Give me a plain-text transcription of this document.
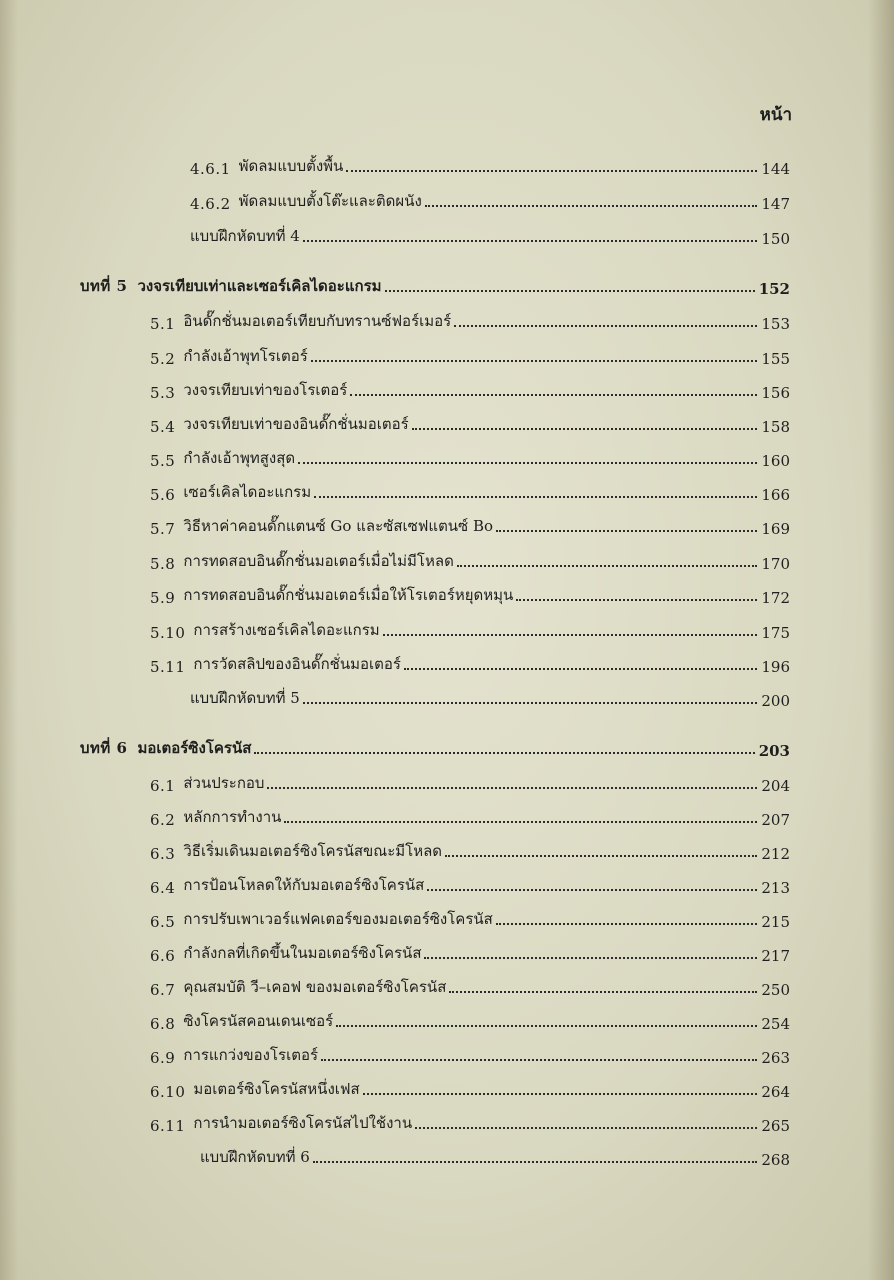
หน้า
4.6.1 พัดลมแบบตั้งพื้น	144
4.6.2 พัดลมแบบตั้งโต๊ะและติดผนัง	147
แบบฝึกหัดบทที่ 4	150
บทที่ 5 วงจรเทียบเท่าและเซอร์เคิลไดอะแกรม	152
5.1 อินดั๊กชั่นมอเตอร์เทียบกับทรานซ์ฟอร์เมอร์	153
5.2 กำลังเอ้าพุทโรเตอร์	155
5.3 วงจรเทียบเท่าของโรเตอร์	156
5.4 วงจรเทียบเท่าของอินดั๊กชั่นมอเตอร์	158
5.5 กำลังเอ้าพุทสูงสุด	160
5.6 เซอร์เคิลไดอะแกรม	166
5.7 วิธีหาค่าคอนดั๊กแตนซ์ Go และซัสเซฟแตนซ์ Bo	169
5.8 การทดสอบอินดั๊กชั่นมอเตอร์เมื่อไม่มีโหลด	170
5.9 การทดสอบอินดั๊กชั่นมอเตอร์เมื่อให้โรเตอร์หยุดหมุน	172
5.10 การสร้างเซอร์เคิลไดอะแกรม	175
5.11 การวัดสลิปของอินดั๊กชั่นมอเตอร์	196
แบบฝึกหัดบทที่ 5	200
บทที่ 6 มอเตอร์ซิงโครนัส	203
6.1 ส่วนประกอบ	204
6.2 หลักการทำงาน	207
6.3 วิธีเริ่มเดินมอเตอร์ซิงโครนัสขณะมีโหลด	212
6.4 การป้อนโหลดให้กับมอเตอร์ซิงโครนัส	213
6.5 การปรับเพาเวอร์แฟคเตอร์ของมอเตอร์ซิงโครนัส	215
6.6 กำลังกลที่เกิดขึ้นในมอเตอร์ซิงโครนัส	217
6.7 คุณสมบัติ วี–เคอฟ ของมอเตอร์ซิงโครนัส	250
6.8 ซิงโครนัสคอนเดนเซอร์	254
6.9 การแกว่งของโรเตอร์	263
6.10 มอเตอร์ซิงโครนัสหนึ่งเฟส	264
6.11 การนำมอเตอร์ซิงโครนัสไปใช้งาน	265
แบบฝึกหัดบทที่ 6	268
